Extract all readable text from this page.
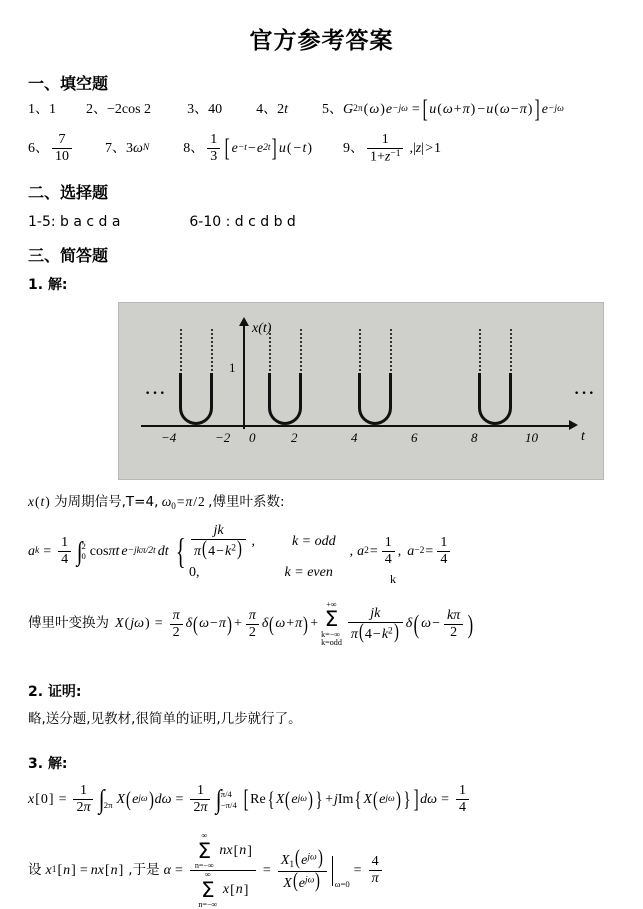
官方参考答案
一、填空题
1、 1 2、 −2cos 2	3、 40 4、 2 t 5、 G 2π ( ω ) e −jω = [ u ( ω + π ) − u ( ω − π ) ] e −jω
6、 $\frac{7}{10} 7$、 3 ω N 8、 $\frac{1}{3}$ [ e −t − e 2t ] u ( − t ) 9、 $\frac{1}{1+z^{-1}}$ , | z | > 1
二、选择题
1-5: b a c d a	6-10 : d c d b d
三、简答题
1. 解:
x(t)
t
1
···	···
−4	−2 0	2	4	6	8	10
x(t) 为周期信号,T=4, $\omega_0=\pi/2$ ,傅里叶系数:
a $k = \frac{1}{4}$ ∫
2
0 cos π t e −jkπ/2t dt { $\frac{jk}{\pi(4-k^2)}$ ,	k = odd
0,	k = even
, a $2 = \frac{1}{4}$ , $a -2 = \frac{1}{4}$
k
傅里叶变换为 X ( jω ) = $\frac{\pi}{2}$ δ ( ω − π ) + $\frac{\pi}{2}$ δ ( ω + π ) +
+∞
Σ
k=−∞
$k=odd \frac{jk}{\pi(4-k^2)}$ δ ( $\omega - \frac{k\pi}{2}$ )
2. 证明:
略,送分题,见教材,很简单的证明,几步就行了。
3. 解:
x [ 0 ] = $\frac{1}{2\pi}$ ∫
2π X ( e jω ) $d\omega = \frac{1}{2\pi}$ ∫
π/4
−π/4 [ Re { X ( e jω ) } + j Im { X ( e jω ) } ] $d\omega = \frac{1}{4}$
设 x 1 [ n ] = n x [ n ] ,于是 α = ∞
Σ
n=−∞
nx[n]
∞
Σ
n=−∞
$x[n] = \frac{X_1(e^{j\omega})}{X(e^{j\omega})} \omega=0$
= $\frac{4}{\pi}$
